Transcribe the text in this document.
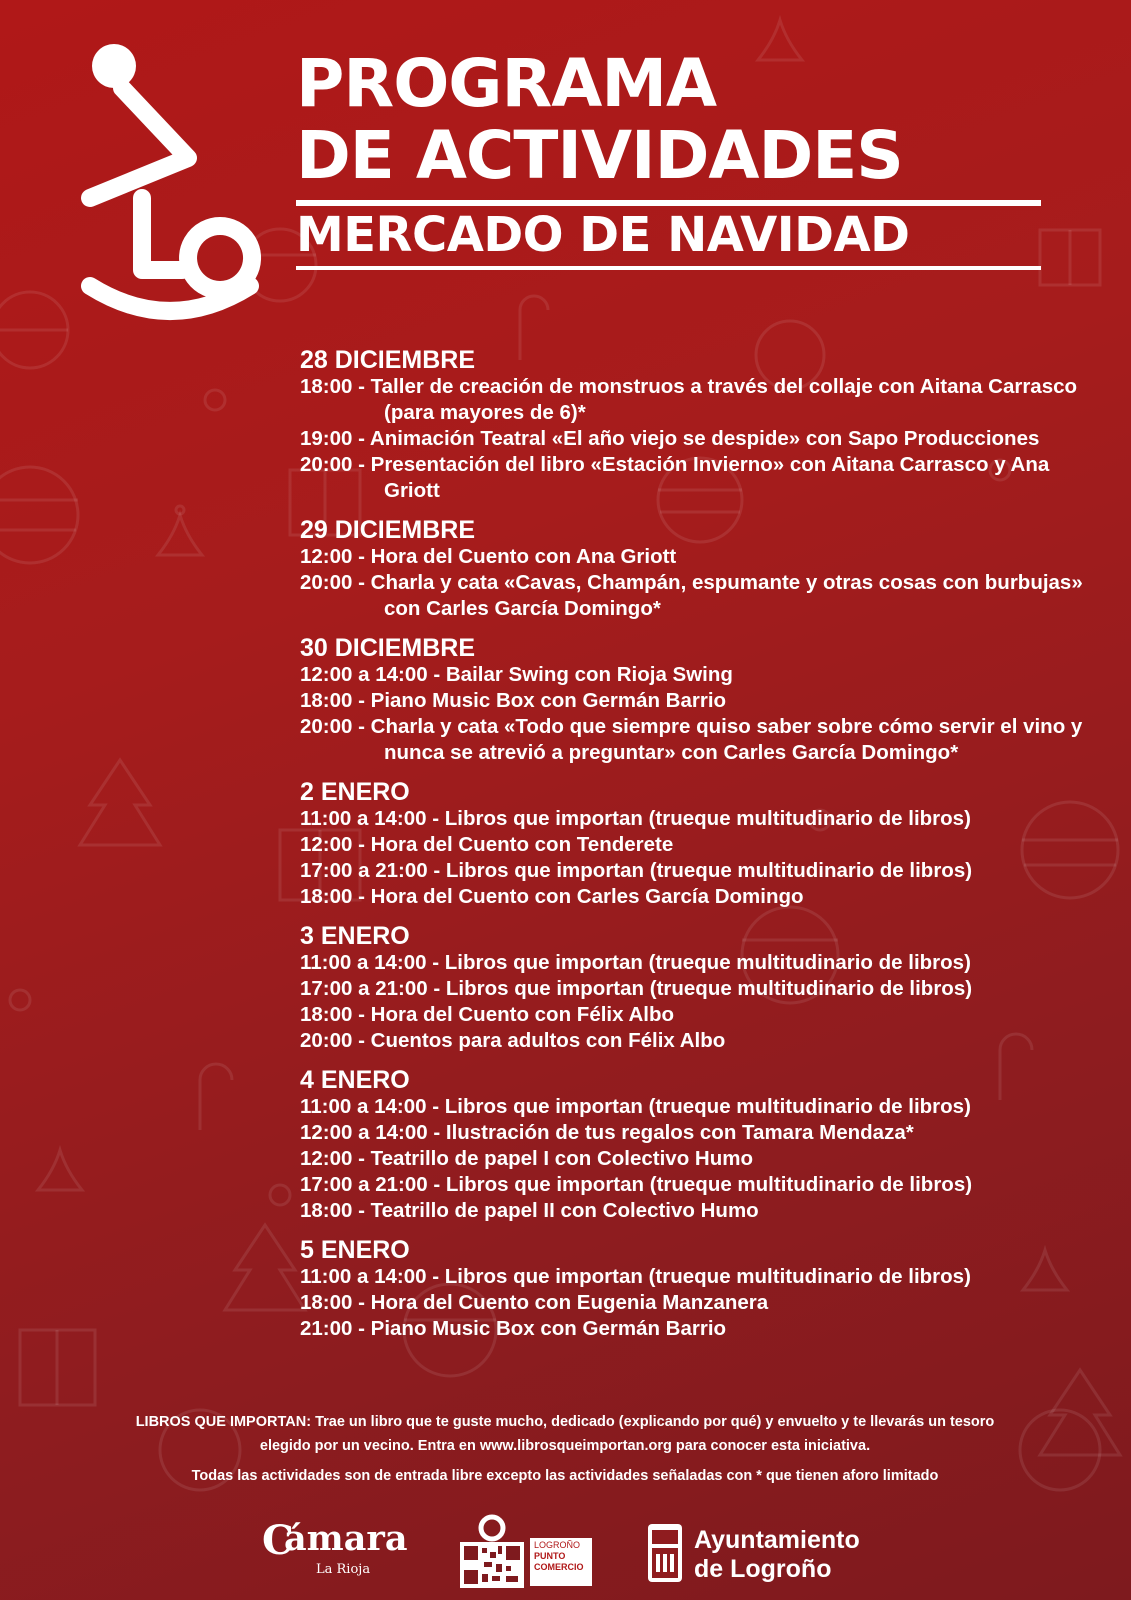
PROGRAMA
DE ACTIVIDADES
MERCADO DE NAVIDAD
28 DICIEMBRE
18:00 - Taller de creación de monstruos a través del collaje con Aitana Carrasco (para mayores de 6)*
19:00 - Animación Teatral «El año viejo se despide» con Sapo Producciones
20:00 - Presentación del libro «Estación Invierno» con Aitana Carrasco y Ana Griott
29 DICIEMBRE
12:00 - Hora del Cuento con Ana Griott
20:00 - Charla y cata «Cavas, Champán, espumante y otras cosas con burbujas» con Carles García Domingo*
30 DICIEMBRE
12:00 a 14:00 - Bailar Swing con Rioja Swing
18:00 - Piano Music Box con Germán Barrio
20:00 - Charla y cata «Todo que siempre quiso saber sobre cómo servir el vino y nunca se atrevió a preguntar» con Carles García Domingo*
2 ENERO
11:00 a 14:00 - Libros que importan (trueque multitudinario de libros)
12:00 - Hora del Cuento con Tenderete
17:00 a 21:00 - Libros que importan (trueque multitudinario de libros)
18:00 - Hora del Cuento con Carles García Domingo
3 ENERO
11:00 a 14:00 - Libros que importan (trueque multitudinario de libros)
17:00 a 21:00 - Libros que importan (trueque multitudinario de libros)
18:00 - Hora del Cuento con Félix Albo
20:00 - Cuentos para adultos con Félix Albo
4 ENERO
11:00 a 14:00 - Libros que importan (trueque multitudinario de libros)
12:00 a 14:00 - Ilustración de tus regalos con Tamara Mendaza*
12:00 - Teatrillo de papel I con Colectivo Humo
17:00 a 21:00 - Libros que importan (trueque multitudinario de libros)
18:00 - Teatrillo de papel II con Colectivo Humo
5 ENERO
11:00 a 14:00 - Libros que importan (trueque multitudinario de libros)
18:00 - Hora del Cuento con Eugenia Manzanera
21:00 - Piano Music Box con Germán Barrio
LIBROS QUE IMPORTAN: Trae un libro que te guste mucho, dedicado (explicando por qué) y envuelto y te llevarás un tesoro
elegido por un vecino. Entra en www.librosqueimportan.org para conocer esta iniciativa.
Todas las actividades son de entrada libre excepto las actividades señaladas con * que tienen aforo limitado
C
ámara
La Rioja
LOGROÑO
PUNTO
COMERCIO
Ayuntamiento
de Logroño
